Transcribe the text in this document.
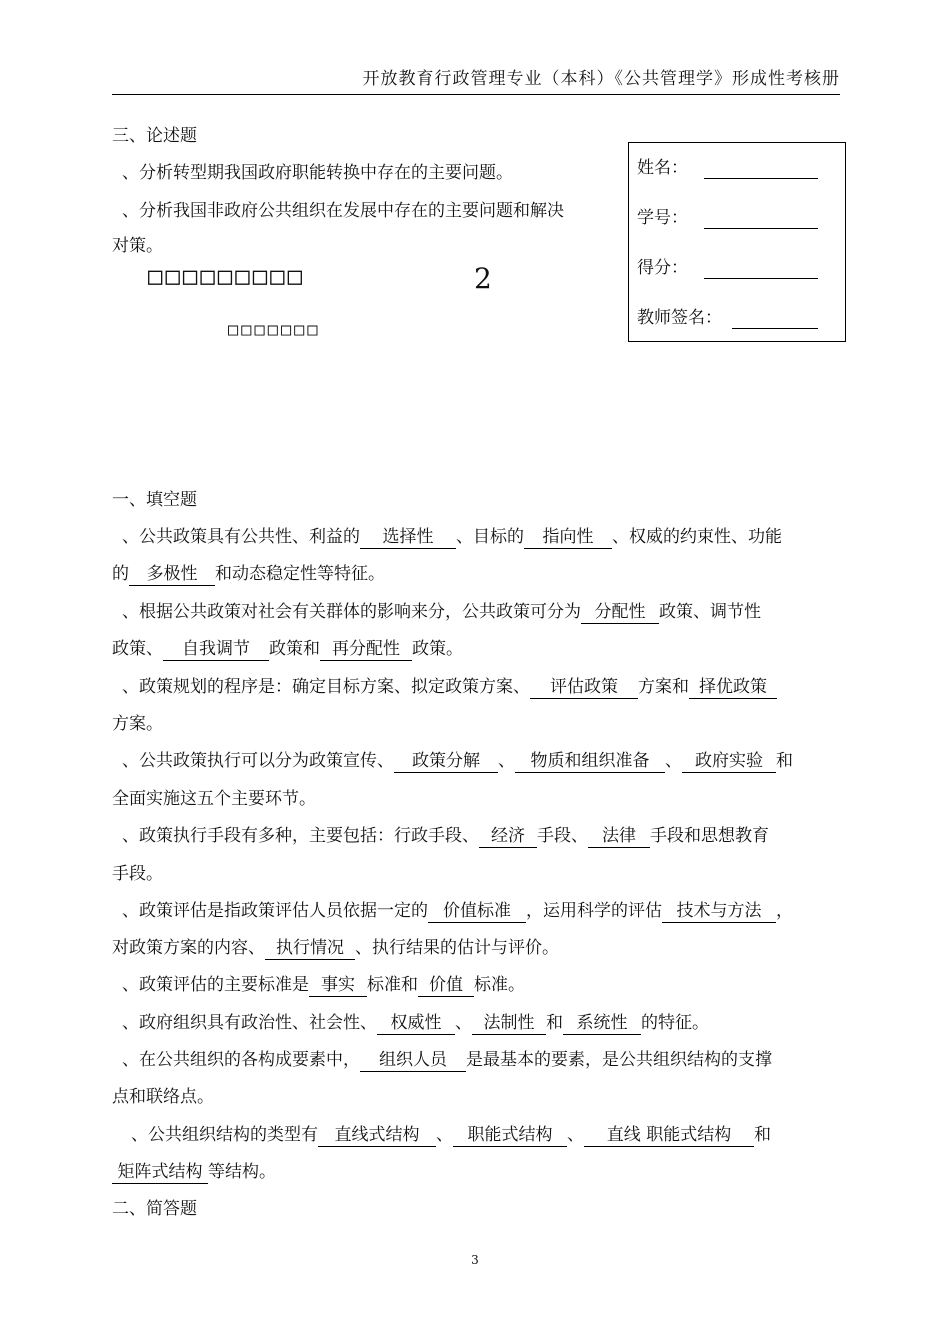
开放教育行政管理专业（本科）《公共管理学》形成性考核册
三、论述题
、分析转型期我国政府职能转换中存在的主要问题。
、分析我国非政府公共组织在发展中存在的主要问题和解决
对策。
□□□□□□□□□	2
□□□□□□□
姓名：
学号：
得分：
教师签名：
一、填空题
、公共政策具有公共性、利益的 选择性 、目标的 指向性 、权威的约束性、功能
的 多极性 和动态稳定性等特征。
、根据公共政策对社会有关群体的影响来分，公共政策可分为 分配性 政策、调节性
政策、 自我调节 政策和 再分配性 政策。
、政策规划的程序是：确定目标方案、拟定政策方案、 评估政策 方案和 择优政策
方案。
、公共政策执行可以分为政策宣传、 政策分解 、 物质和组织准备 、 政府实验 和
全面实施这五个主要环节。
、政策执行手段有多种，主要包括：行政手段、 经济 手段、 法律 手段和思想教育
手段。
、政策评估是指政策评估人员依据一定的 价值标准 ，运用科学的评估 技术与方法 ，
对政策方案的内容、 执行情况 、执行结果的估计与评价。
、政策评估的主要标准是 事实 标准和 价值 标准。
、政府组织具有政治性、社会性、 权威性 、 法制性 和 系统性 的特征。
、在公共组织的各构成要素中， 组织人员 是最基本的要素，是公共组织结构的支撑
点和联络点。
、公共组织结构的类型有 直线式结构 、 职能式结构 、 直线 职能式结构 和
矩阵式结构 等结构。
二、简答题
3
